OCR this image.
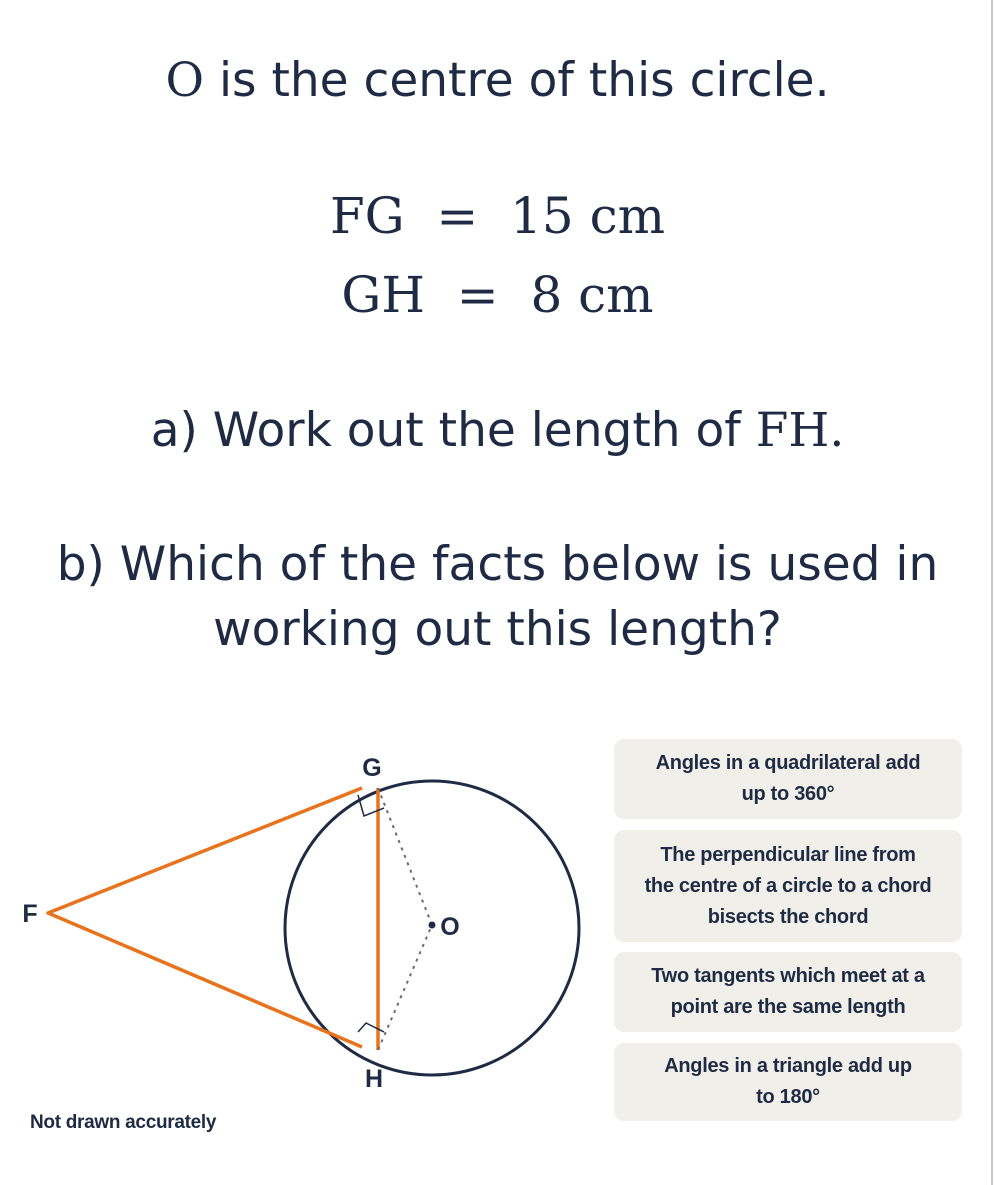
O is the centre of this circle.
FG  =  15 cm
GH  =  8 cm
a) Work out the length of FH.
b) Which of the facts below is used in
working out this length?
G
F
H
O
Not drawn accurately
Angles in a quadrilateral add
up to 360°
The perpendicular line from
the centre of a circle to a chord
bisects the chord
Two tangents which meet at a
point are the same length
Angles in a triangle add up
to 180°
